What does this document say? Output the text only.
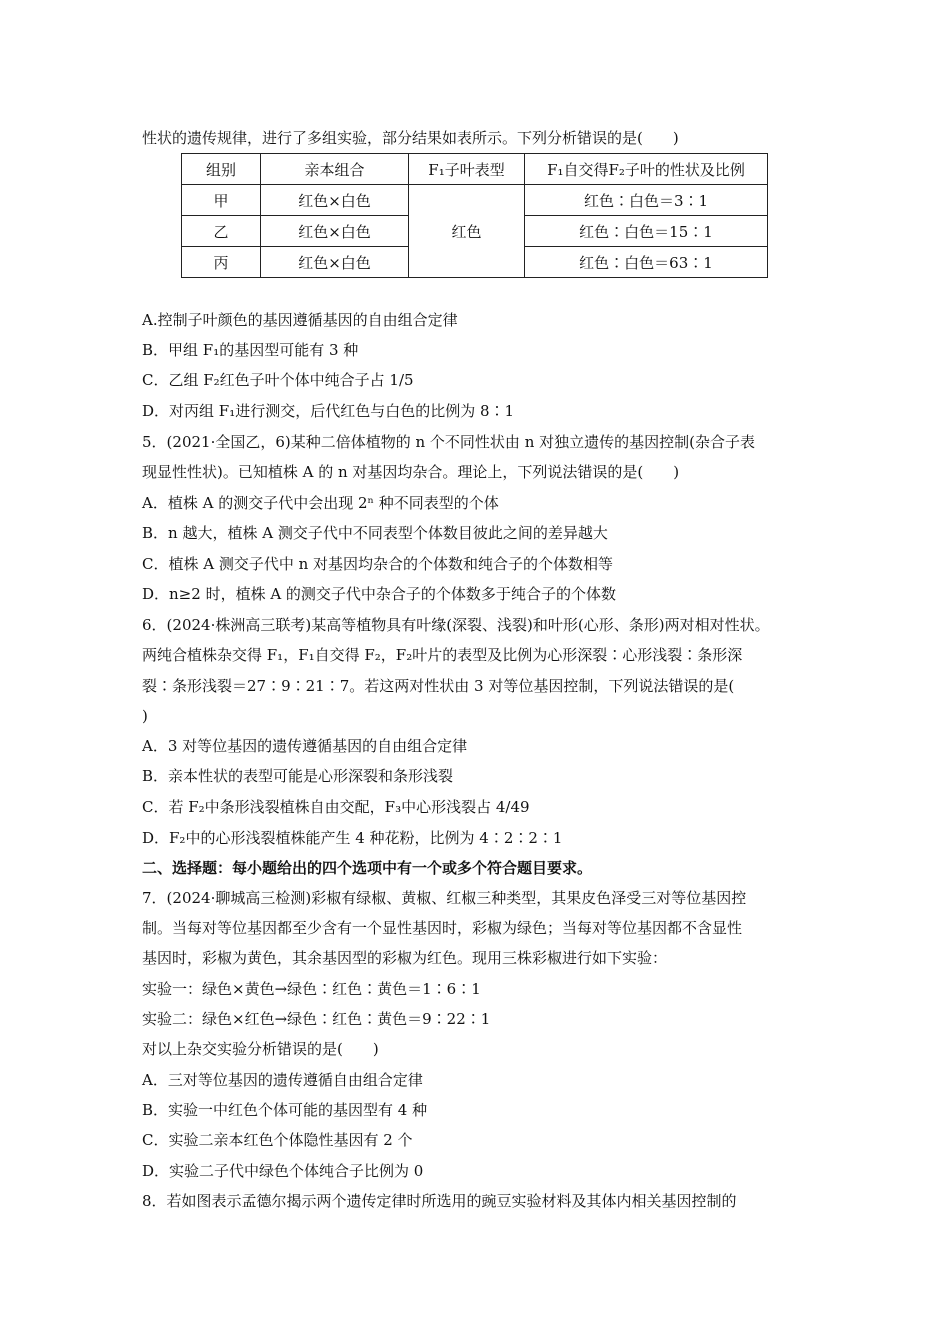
性状的遗传规律，进行了多组实验，部分结果如表所示。下列分析错误的是(　　)
组别	亲本组合	F₁子叶表型	F₁自交得F₂子叶的性状及比例
甲	红色×白色	红色	红色∶白色＝3∶1
乙	红色×白色		红色∶白色＝15∶1
丙	红色×白色		红色∶白色＝63∶1
A.控制子叶颜色的基因遵循基因的自由组合定律
B．甲组 F₁的基因型可能有 3 种
C．乙组 F₂红色子叶个体中纯合子占 1/5
D．对丙组 F₁进行测交，后代红色与白色的比例为 8∶1
5．(2021·全国乙，6)某种二倍体植物的 n 个不同性状由 n 对独立遗传的基因控制(杂合子表
现显性性状)。已知植株 A 的 n 对基因均杂合。理论上，下列说法错误的是(　　)
A．植株 A 的测交子代中会出现 2ⁿ 种不同表型的个体
B．n 越大，植株 A 测交子代中不同表型个体数目彼此之间的差异越大
C．植株 A 测交子代中 n 对基因均杂合的个体数和纯合子的个体数相等
D．n≥2 时，植株 A 的测交子代中杂合子的个体数多于纯合子的个体数
6．(2024·株洲高三联考)某高等植物具有叶缘(深裂、浅裂)和叶形(心形、条形)两对相对性状。
两纯合植株杂交得 F₁，F₁自交得 F₂，F₂叶片的表型及比例为心形深裂∶心形浅裂∶条形深
裂∶条形浅裂＝27∶9∶21∶7。若这两对性状由 3 对等位基因控制，下列说法错误的是(
)
A．3 对等位基因的遗传遵循基因的自由组合定律
B．亲本性状的表型可能是心形深裂和条形浅裂
C．若 F₂中条形浅裂植株自由交配，F₃中心形浅裂占 4/49
D．F₂中的心形浅裂植株能产生 4 种花粉，比例为 4∶2∶2∶1
二、选择题：每小题给出的四个选项中有一个或多个符合题目要求。
7．(2024·聊城高三检测)彩椒有绿椒、黄椒、红椒三种类型，其果皮色泽受三对等位基因控
制。当每对等位基因都至少含有一个显性基因时，彩椒为绿色；当每对等位基因都不含显性
基因时，彩椒为黄色，其余基因型的彩椒为红色。现用三株彩椒进行如下实验：
实验一：绿色×黄色→绿色∶红色∶黄色＝1∶6∶1
实验二：绿色×红色→绿色∶红色∶黄色＝9∶22∶1
对以上杂交实验分析错误的是(　　)
A．三对等位基因的遗传遵循自由组合定律
B．实验一中红色个体可能的基因型有 4 种
C．实验二亲本红色个体隐性基因有 2 个
D．实验二子代中绿色个体纯合子比例为 0
8．若如图表示孟德尔揭示两个遗传定律时所选用的豌豆实验材料及其体内相关基因控制的
